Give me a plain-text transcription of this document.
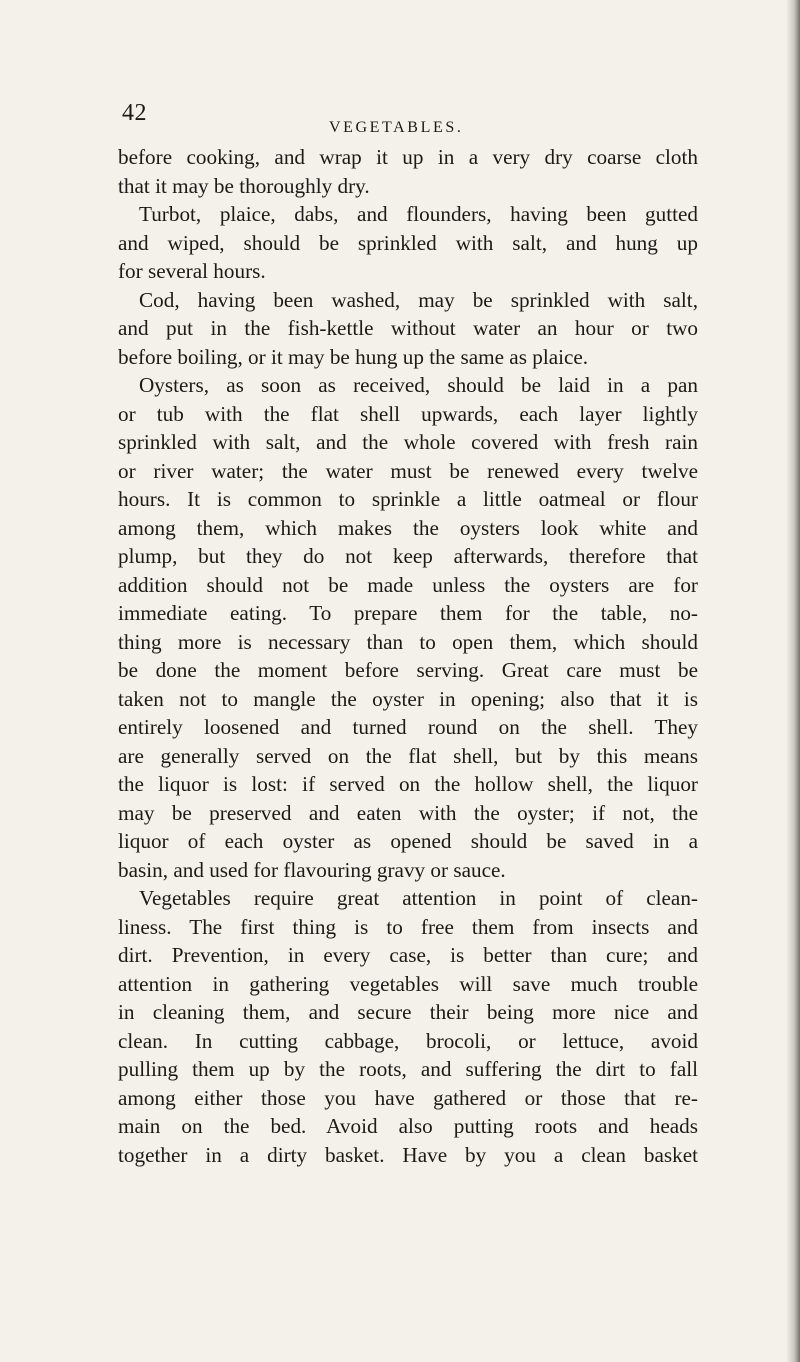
42
VEGETABLES.
before cooking, and wrap it up in a very dry coarse cloth
that it may be thoroughly dry.
Turbot, plaice, dabs, and flounders, having been gutted
and wiped, should be sprinkled with salt, and hung up
for several hours.
Cod, having been washed, may be sprinkled with salt,
and put in the fish-kettle without water an hour or two
before boiling, or it may be hung up the same as plaice.
Oysters, as soon as received, should be laid in a pan
or tub with the flat shell upwards, each layer lightly
sprinkled with salt, and the whole covered with fresh rain
or river water; the water must be renewed every twelve
hours. It is common to sprinkle a little oatmeal or flour
among them, which makes the oysters look white and
plump, but they do not keep afterwards, therefore that
addition should not be made unless the oysters are for
immediate eating. To prepare them for the table, no-
thing more is necessary than to open them, which should
be done the moment before serving. Great care must be
taken not to mangle the oyster in opening; also that it is
entirely loosened and turned round on the shell. They
are generally served on the flat shell, but by this means
the liquor is lost: if served on the hollow shell, the liquor
may be preserved and eaten with the oyster; if not, the
liquor of each oyster as opened should be saved in a
basin, and used for flavouring gravy or sauce.
Vegetables require great attention in point of clean-
liness. The first thing is to free them from insects and
dirt. Prevention, in every case, is better than cure; and
attention in gathering vegetables will save much trouble
in cleaning them, and secure their being more nice and
clean. In cutting cabbage, brocoli, or lettuce, avoid
pulling them up by the roots, and suffering the dirt to fall
among either those you have gathered or those that re-
main on the bed. Avoid also putting roots and heads
together in a dirty basket. Have by you a clean basket
